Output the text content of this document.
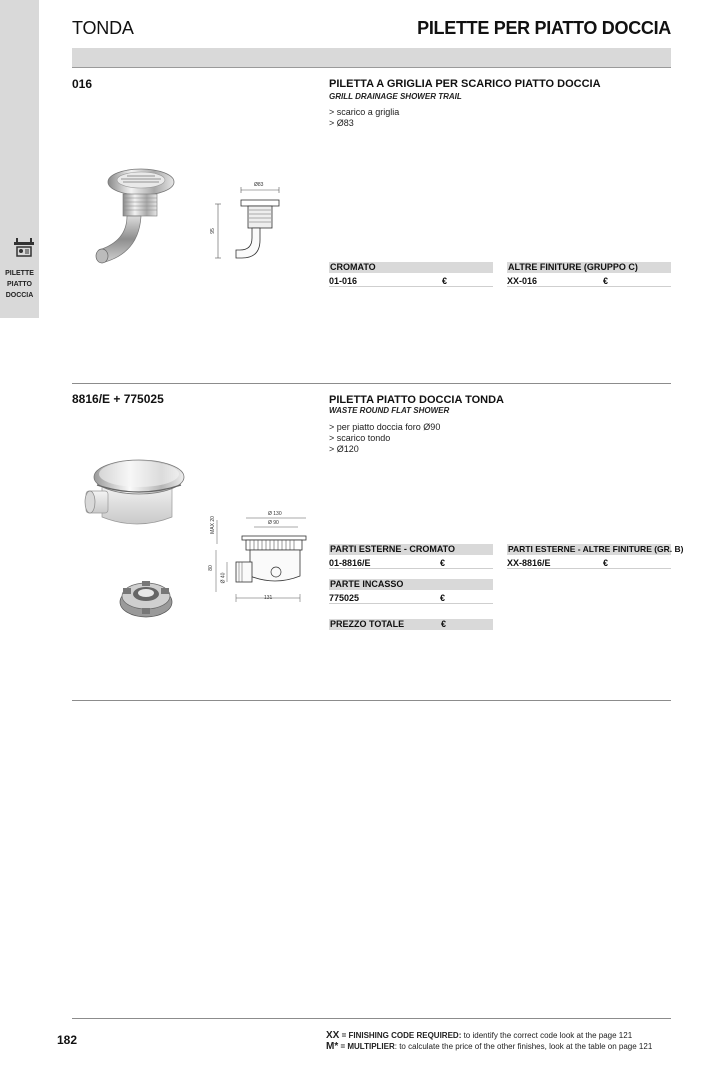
PILETTE
PIATTO
DOCCIA
TONDA	PILETTE PER PIATTO DOCCIA
016	PILETTA A GRIGLIA PER SCARICO PIATTO DOCCIA
GRILL DRAINAGE SHOWER TRAIL
> scarico a griglia
> Ø83
Ø83
95
CROMATO
01-016	€
ALTRE FINITURE (GRUPPO C)
XX-016	€
8816/E + 775025	PILETTA PIATTO DOCCIA TONDA
WASTE ROUND FLAT SHOWER
> per piatto doccia foro Ø90
> scarico tondo
> Ø120
Ø 130
Ø 90
MAX 20
80
Ø 40
131
PARTI ESTERNE - CROMATO
01-8816/E	€
PARTI ESTERNE - ALTRE FINITURE (GR. B)
XX-8816/E	€
PARTE INCASSO
775025	€
PREZZO TOTALE	€
182	XX = FINISHING CODE REQUIRED: to identify the correct code look at the page 121
M* = MULTIPLIER: to calculate the price of the other finishes, look at the table on page 121
